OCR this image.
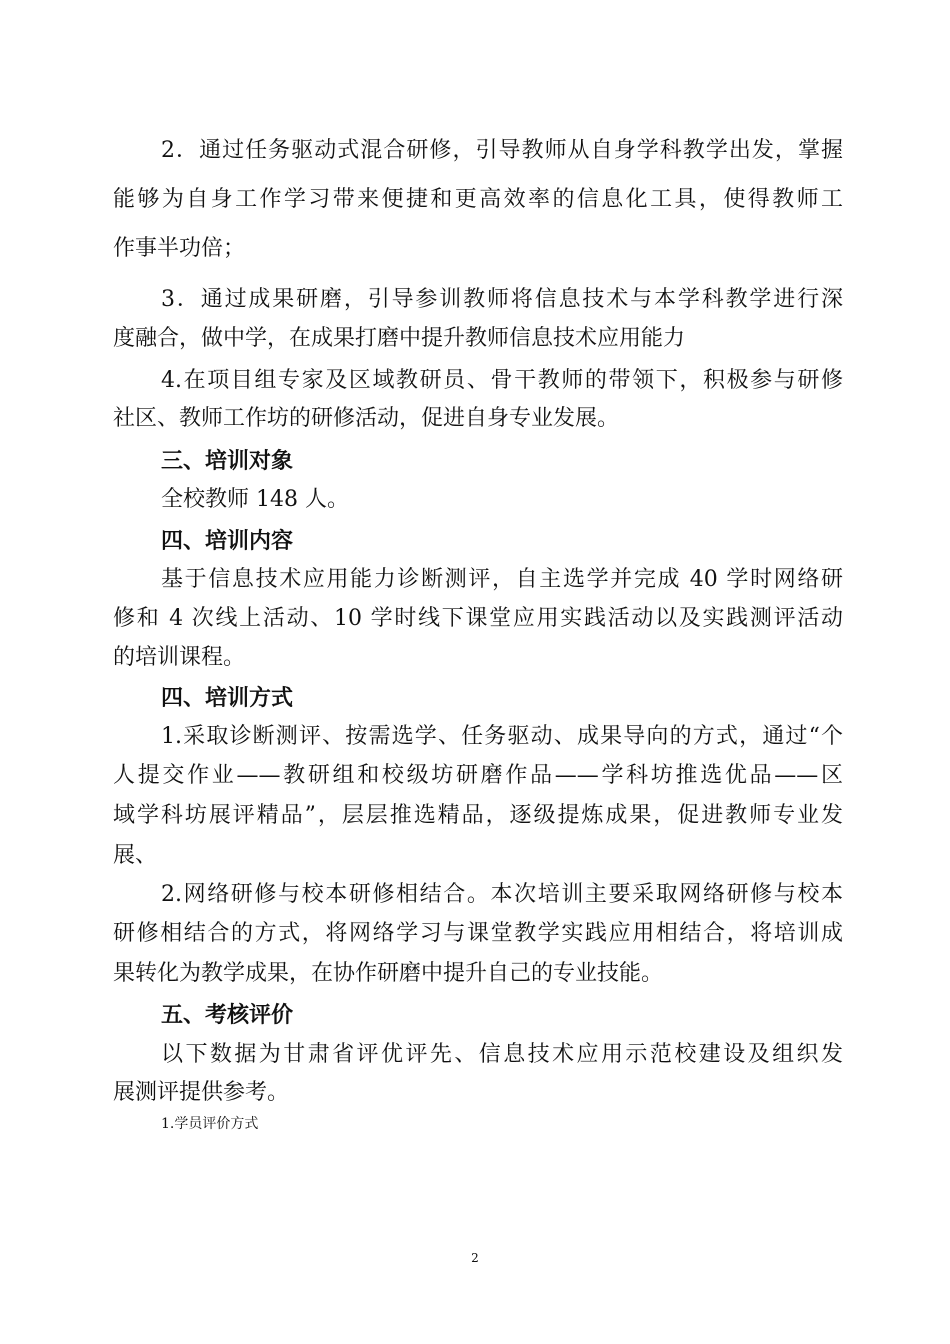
2．通过任务驱动式混合研修，引导教师从自身学科教学出发，掌握
能够为自身工作学习带来便捷和更高效率的信息化工具，使得教师工
作事半功倍；
3．通过成果研磨，引导参训教师将信息技术与本学科教学进行深
度融合，做中学，在成果打磨中提升教师信息技术应用能力
4.在项目组专家及区域教研员、骨干教师的带领下，积极参与研修
社区、教师工作坊的研修活动，促进自身专业发展。
三、培训对象
全校教师 148 人。
四、培训内容
基于信息技术应用能力诊断测评，自主选学并完成 40 学时网络研
修和 4 次线上活动、10 学时线下课堂应用实践活动以及实践测评活动
的培训课程。
四、培训方式
1.采取诊断测评、按需选学、任务驱动、成果导向的方式，通过“个
人提交作业——教研组和校级坊研磨作品——学科坊推选优品——区
域学科坊展评精品”，层层推选精品，逐级提炼成果，促进教师专业发
展、
2.网络研修与校本研修相结合。本次培训主要采取网络研修与校本
研修相结合的方式，将网络学习与课堂教学实践应用相结合，将培训成
果转化为教学成果，在协作研磨中提升自己的专业技能。
五、考核评价
以下数据为甘肃省评优评先、信息技术应用示范校建设及组织发
展测评提供参考。
1.学员评价方式
2
